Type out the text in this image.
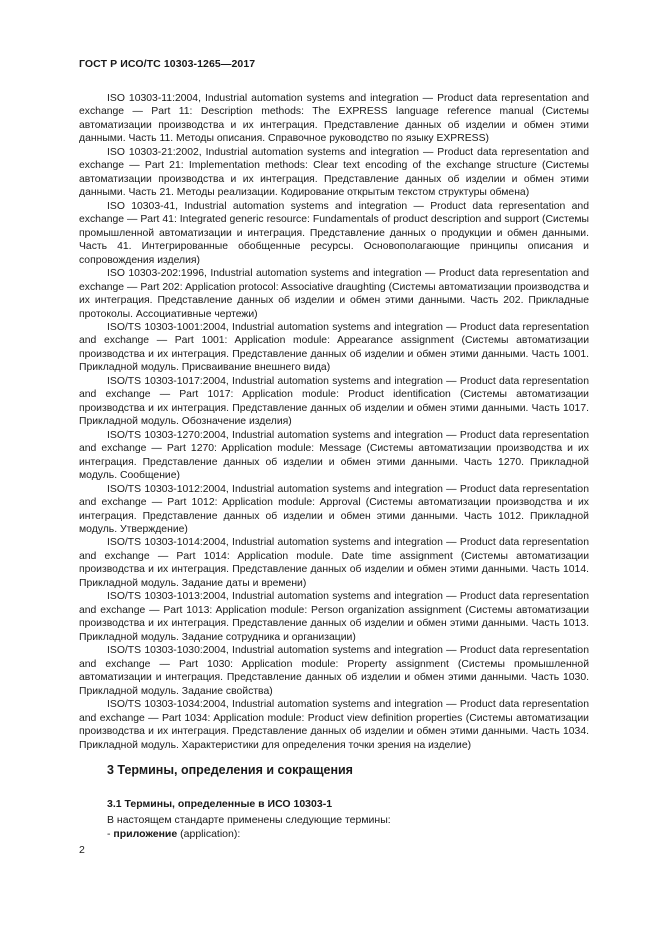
ГОСТ Р ИСО/ТС 10303-1265—2017

ISO 10303-11:2004, Industrial automation systems and integration — Product data representation and exchange — Part 11: Description methods: The EXPRESS language reference manual (Системы автоматизации производства и их интеграция. Представление данных об изделии и обмен этими данными. Часть 11. Методы описания. Справочное руководство по языку EXPRESS)

ISO 10303-21:2002, Industrial automation systems and integration — Product data representation and exchange — Part 21: Implementation methods: Clear text encoding of the exchange structure (Системы автоматизации производства и их интеграция. Представление данных об изделии и обмен этими данными. Часть 21. Методы реализации. Кодирование открытым текстом структуры обмена)

ISO 10303-41, Industrial automation systems and integration — Product data representation and exchange — Part 41: Integrated generic resource: Fundamentals of product description and support (Системы промышленной автоматизации и интеграция. Представление данных о продукции и обмен данными. Часть 41. Интегрированные обобщенные ресурсы. Основополагающие принципы описания и сопровождения изделия)

ISO 10303-202:1996, Industrial automation systems and integration — Product data representation and exchange — Part 202: Application protocol: Associative draughting (Системы автоматизации производства и их интеграция. Представление данных об изделии и обмен этими данными. Часть 202. Прикладные протоколы. Ассоциативные чертежи)

ISO/TS 10303-1001:2004, Industrial automation systems and integration — Product data representation and exchange — Part 1001: Application module: Appearance assignment (Системы автоматизации производства и их интеграция. Представление данных об изделии и обмен этими данными. Часть 1001. Прикладной модуль. Присваивание внешнего вида)

ISO/TS 10303-1017:2004, Industrial automation systems and integration — Product data representation and exchange — Part 1017: Application module: Product identification (Системы автоматизации производства и их интеграция. Представление данных об изделии и обмен этими данными. Часть 1017. Прикладной модуль. Обозначение изделия)

ISO/TS 10303-1270:2004, Industrial automation systems and integration — Product data representation and exchange — Part 1270: Application module: Message (Системы автоматизации производства и их интеграция. Представление данных об изделии и обмен этими данными. Часть 1270. Прикладной модуль. Сообщение)

ISO/TS 10303-1012:2004, Industrial automation systems and integration — Product data representation and exchange — Part 1012: Application module: Approval (Системы автоматизации производства и их интеграция. Представление данных об изделии и обмен этими данными. Часть 1012. Прикладной модуль. Утверждение)

ISO/TS 10303-1014:2004, Industrial automation systems and integration — Product data representation and exchange — Part 1014: Application module. Date time assignment (Системы автоматизации производства и их интеграция. Представление данных об изделии и обмен этими данными. Часть 1014. Прикладной модуль. Задание даты и времени)

ISO/TS 10303-1013:2004, Industrial automation systems and integration — Product data representation and exchange — Part 1013: Application module: Person organization assignment (Системы автоматизации производства и их интеграция. Представление данных об изделии и обмен этими данными. Часть 1013. Прикладной модуль. Задание сотрудника и организации)

ISO/TS 10303-1030:2004, Industrial automation systems and integration — Product data representation and exchange — Part 1030: Application module: Property assignment (Системы промышленной автоматизации и интеграция. Представление данных об изделии и обмен этими данными. Часть 1030. Прикладной модуль. Задание свойства)

ISO/TS 10303-1034:2004, Industrial automation systems and integration — Product data representation and exchange — Part 1034: Application module: Product view definition properties (Системы автоматизации производства и их интеграция. Представление данных об изделии и обмен этими данными. Часть 1034. Прикладной модуль. Характеристики для определения точки зрения на изделие)

3 Термины, определения и сокращения
3.1 Термины, определенные в ИСО 10303-1
В настоящем стандарте применены следующие термины:
- приложение (application):
2
